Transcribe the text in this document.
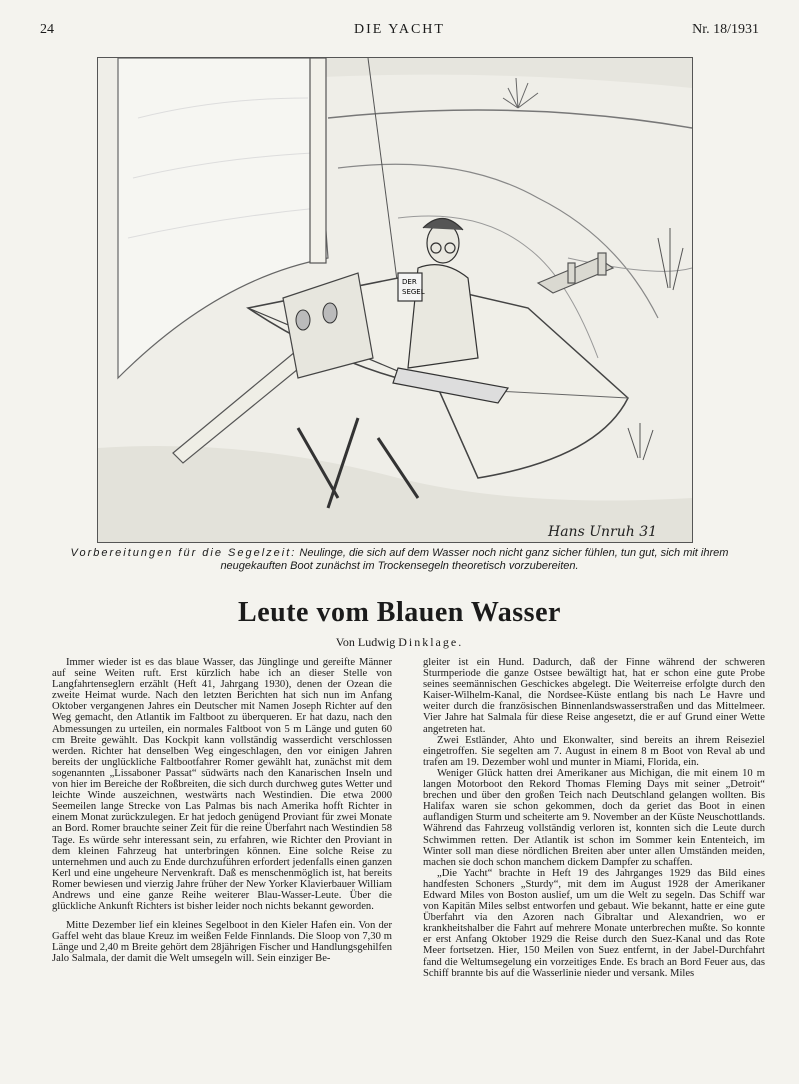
24	DIE YACHT	Nr. 18/1931
DER
SEGEL
Hans Unruh 31
Vorbereitungen für die Segelzeit: Neulinge, die sich auf dem Wasser noch nicht ganz sicher fühlen, tun gut, sich mit ihrem neugekauften Boot zunächst im Trockensegeln theoretisch vorzubereiten.
Leute vom Blauen Wasser
Von Ludwig Dinklage.

Immer wieder ist es das blaue Wasser, das Jünglinge und gereifte Männer auf seine Weiten ruft. Erst kürzlich habe ich an dieser Stelle von Langfahrtenseglern erzählt (Heft 41, Jahrgang 1930), denen der Ozean die zweite Heimat wurde. Nach den letzten Berichten hat sich nun im Anfang Oktober vergangenen Jahres ein Deutscher mit Namen Joseph Richter auf den Weg gemacht, den Atlantik im Faltboot zu überqueren. Er hat dazu, nach den Abmessungen zu urteilen, ein normales Faltboot von 5 m Länge und guten 60 cm Breite gewählt. Das Kockpit kann vollständig wasserdicht verschlossen werden. Richter hat denselben Weg eingeschlagen, den vor einigen Jahren bereits der unglückliche Faltbootfahrer Romer gewählt hat, zunächst mit dem sogenannten „Lissaboner Passat“ südwärts nach den Kanarischen Inseln und von hier im Bereiche der Roßbreiten, die sich durch durchweg gutes Wetter und leichte Winde auszeichnen, westwärts nach Westindien. Die etwa 2000 Seemeilen lange Strecke von Las Palmas bis nach Amerika hofft Richter in einem Monat zurückzulegen. Er hat jedoch genügend Proviant für zwei Monate an Bord. Romer brauchte seiner Zeit für die reine Überfahrt nach Westindien 58 Tage. Es würde sehr interessant sein, zu erfahren, wie Richter den Proviant in dem kleinen Fahrzeug hat unterbringen können. Eine solche Reise zu unternehmen und auch zu Ende durchzuführen erfordert jedenfalls einen ganzen Kerl und eine ungeheure Nervenkraft. Daß es menschenmöglich ist, hat bereits Romer bewiesen und vierzig Jahre früher der New Yorker Klavierbauer William Andrews und eine ganze Reihe weiterer Blau-Wasser-Leute. Über die glückliche Ankunft Richters ist bisher leider noch nichts bekannt geworden.

Mitte Dezember lief ein kleines Segelboot in den Kieler Hafen ein. Von der Gaffel weht das blaue Kreuz im weißen Felde Finnlands. Die Sloop von 7,30 m Länge und 2,40 m Breite gehört dem 28jährigen Fischer und Handlungsgehilfen Jalo Salmala, der damit die Welt umsegeln will. Sein einziger Be-

gleiter ist ein Hund. Dadurch, daß der Finne während der schweren Sturmperiode die ganze Ostsee bewältigt hat, hat er schon eine gute Probe seines seemännischen Geschickes abgelegt. Die Weiterreise erfolgte durch den Kaiser-Wilhelm-Kanal, die Nordsee-Küste entlang bis nach Le Havre und weiter durch die französischen Binnenlandswasserstraßen und das Mittelmeer. Vier Jahre hat Salmala für diese Reise angesetzt, die er auf Grund einer Wette angetreten hat.

Zwei Estländer, Ahto und Ekonwalter, sind bereits an ihrem Reiseziel eingetroffen. Sie segelten am 7. August in einem 8 m Boot von Reval ab und trafen am 19. Dezember wohl und munter in Miami, Florida, ein.

Weniger Glück hatten drei Amerikaner aus Michigan, die mit einem 10 m langen Motorboot den Rekord Thomas Fleming Days mit seiner „Detroit“ brechen und über den großen Teich nach Deutschland gelangen wollten. Bis Halifax waren sie schon gekommen, doch da geriet das Boot in einen auflandigen Sturm und scheiterte am 9. November an der Küste Neuschottlands. Während das Fahrzeug vollständig verloren ist, konnten sich die Leute durch Schwimmen retten. Der Atlantik ist schon im Sommer kein Ententeich, im Winter soll man diese nördlichen Breiten aber unter allen Umständen meiden, machen sie doch schon manchem dickem Dampfer zu schaffen.

„Die Yacht“ brachte in Heft 19 des Jahrganges 1929 das Bild eines handfesten Schoners „Sturdy“, mit dem im August 1928 der Amerikaner Edward Miles von Boston auslief, um um die Welt zu segeln. Das Schiff war von Kapitän Miles selbst entworfen und gebaut. Wie bekannt, hatte er eine gute Überfahrt via den Azoren nach Gibraltar und Alexandrien, wo er krankheitshalber die Fahrt auf mehrere Monate unterbrechen mußte. So konnte er erst Anfang Oktober 1929 die Reise durch den Suez-Kanal und das Rote Meer fortsetzen. Hier, 150 Meilen von Suez entfernt, in der Jabel-Durchfahrt fand die Weltumsegelung ein vorzeitiges Ende. Es brach an Bord Feuer aus, das Schiff brannte bis auf die Wasserlinie nieder und versank. Miles
